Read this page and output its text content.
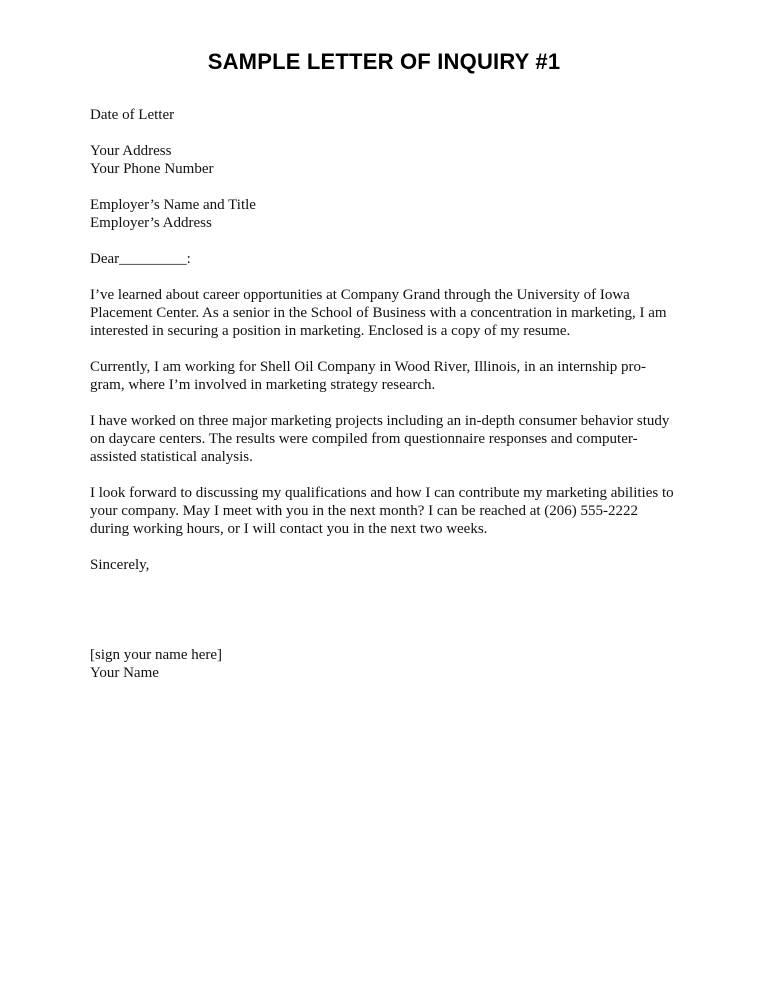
SAMPLE LETTER OF INQUIRY #1
Date of Letter
Your Address
Your Phone Number
Employer’s Name and Title
Employer’s Address
Dear_________:
I’ve learned about career opportunities at Company Grand through the University of Iowa
Placement Center. As a senior in the School of Business with a concentration in marketing, I am
interested in securing a position in marketing. Enclosed is a copy of my resume.
Currently, I am working for Shell Oil Company in Wood River, Illinois, in an internship pro-
gram, where I’m involved in marketing strategy research.
I have worked on three major marketing projects including an in-depth consumer behavior study
on daycare centers. The results were compiled from questionnaire responses and computer-
assisted statistical analysis.
I look forward to discussing my qualifications and how I can contribute my marketing abilities to
your company. May I meet with you in the next month? I can be reached at (206) 555-2222
during working hours, or I will contact you in the next two weeks.
Sincerely,
[sign your name here]
Your Name
